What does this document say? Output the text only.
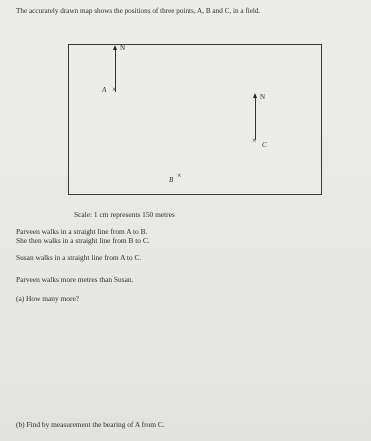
The accurately drawn map shows the positions of three points, A, B and C, in a field.
N
A ×
N
× C
B ×
Scale: 1 cm represents 150 metres
Parveen walks in a straight line from A to B.
She then walks in a straight line from B to C.
Susan walks in a straight line from A to C.
Parveen walks more metres than Susan.
(a) How many more?
(b) Find by measurement the bearing of A from C.
